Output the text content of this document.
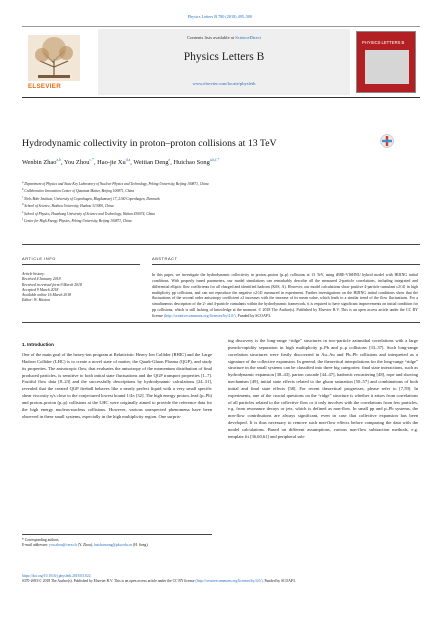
Physics Letters B 780 (2018) 495–500
ELSEVIER
Contents lists available at ScienceDirect
Physics Letters B
www.elsevier.com/locate/physletb
PHYSICS LETTERS B
Hydrodynamic collectivity in proton–proton collisions at 13 TeV
Wenbin Zhao$^{a,b}$, You Zhou$^{c,*}$, Hao-jie Xu$^{d,a}$, Weitian Deng$^e$, Huichao Song$^{a,b,f,*}$
$^a$ Department of Physics and State Key Laboratory of Nuclear Physics and Technology, Peking University, Beijing 100871, China
$^b$ Collaborative Innovation Center of Quantum Matter, Beijing 100871, China
$^c$ Niels Bohr Institute, University of Copenhagen, Blegdamsvej 17, 2100 Copenhagen, Denmark
$^d$ School of Science, Huzhou University, Huzhou 313000, China
$^e$ School of Physics, Huazhong University of Science and Technology, Wuhan 430074, China
$^f$ Center for High Energy Physics, Peking University, Beijing 100871, China
ARTICLE INFO	ABSTRACT
Article history:
Received 4 January 2018
Received in revised form 9 March 2018
Accepted 9 March 2018
Available online 16 March 2018
Editor: W. Haxton
In this paper, we investigate the hydrodynamic collectivity in proton–proton (p–p) collisions at 13 TeV, using iEBE-VISHNU hybrid model with HIJING initial conditions. With properly tuned parameters, our model simulations can remarkably describe all the measured 2-particle correlations, including integrated and differential elliptic flow coefficients for all charged and identified hadrons (K0S, Λ). However, our model calculations show positive 4-particle cumulant c2{4} in high multiplicity pp collisions, and can not reproduce the negative c2{4} measured in experiment. Further investigations on the HIJING initial conditions show that the fluctuations of the second order anisotropy coefficient ε2 increases with the increase of its mean value, which leads to a similar trend of the flow fluctuations. For a simultaneous description of the 2- and 4-particle cumulants within the hydrodynamic framework, it is required to have significant improvements on initial condition for pp collisions, which is still lacking of knowledge at the moment. © 2018 The Author(s). Published by Elsevier B.V. This is an open access article under the CC BY license (http://creativecommons.org/licenses/by/4.0/). Funded by SCOAP3.
1. Introduction
One of the main goal of the heavy-ion program at Relativistic Heavy Ion Collider (RHIC) and the Large Hadron Collider (LHC) is to create a novel state of matter, the Quark-Gluon Plasma (QGP), and study its properties. The anisotropic flow, that evaluates the anisotropy of the momentum distribution of final produced particles, is sensitive to both initial state fluctuations and the QGP transport properties [1–7]. Fruitful flow data [8–23] and the successfully descriptions by hydrodynamic calculations [24–31], revealed that the created QGP fireball behaves like a nearly perfect liquid with a very small specific shear viscosity η/s close to the conjectured lowest bound 1/4π [32]. The high energy proton–lead (p–Pb) and proton–proton (p–p) collisions at the LHC were originally aimed to provide the reference data for the high energy nucleus-nucleus collisions. However, various unexpected phenomena have been observed in these small systems, especially in the high multiplicity region. One surpris-
ing discovery is the long-range “ridge” structures in two-particle azimuthal correlations with a large pseudo-rapidity separation in high multiplicity p–Pb and p–p collisions [33–37]. Such long-range correlation structures were firstly discovered in Au–Au and Pb–Pb collisions and interpreted as a signature of the collective expansion. In general, the theoretical interpolations for the long-range “ridge” structure in the small systems can be classified into three big categories: final state interactions, such as hydrodynamic expansion [38–43], parton cascade [44–47], hadronic rescattering [48], rope and shoving mechanism [49], initial state effects related to the gluon saturation [50–57] and combinations of both initial and final state effects [58]. For recent theoretical progresses, please refer to [7,59]. In experiments, one of the crucial questions on the “ridge” structure is whether it arises from correlations of all particles related to the collective flow or it only involves with the correlations from few particles, e.g. from resonance decays or jets, which is defined as non-flow. In small pp and p–Pb systems, the non-flow contributions are always significant, even in case that collective expansion has been developed. It is thus necessary to remove such non-flow effects before comparing the data with the model calculations. Based on different assumptions, various non-flow subtraction methods, e.g. template fit [36,60,61] and peripheral sub-
* Corresponding authors.
E-mail addresses: you.zhou@cern.ch (Y. Zhou), huichaosong@pku.edu.cn (H. Song).
https://doi.org/10.1016/j.physletb.2018.03.022
0370-2693/© 2018 The Author(s). Published by Elsevier B.V. This is an open access article under the CC BY license (http://creativecommons.org/licenses/by/4.0/). Funded by SCOAP3.
